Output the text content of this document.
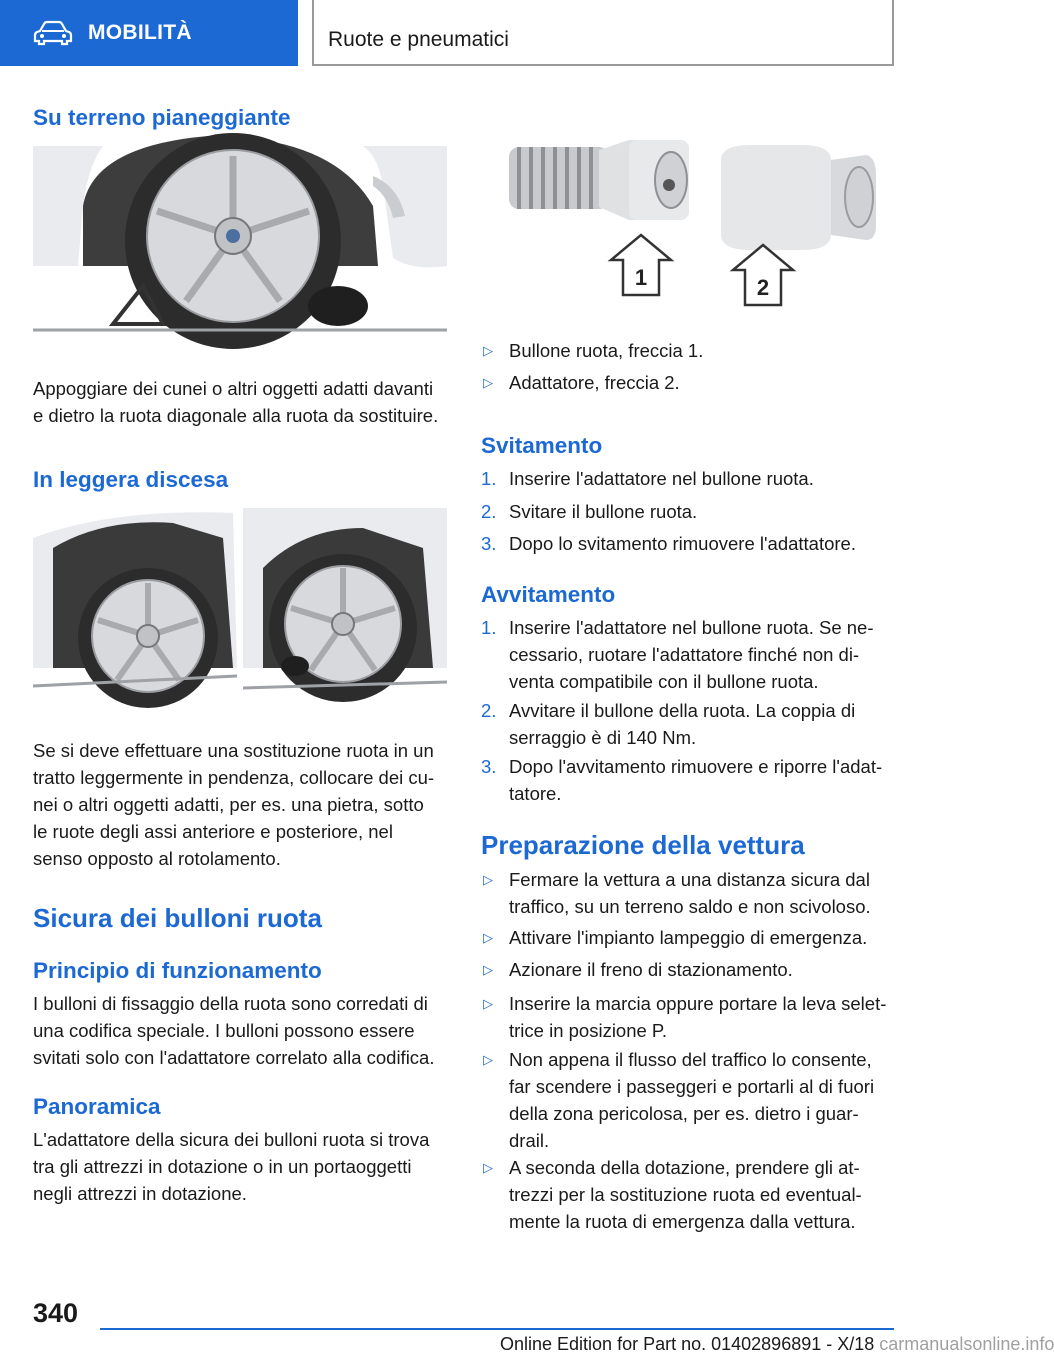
MOBILITÀ	Ruote e pneumatici
Su terreno pianeggiante
Appoggiare dei cunei o altri oggetti adatti davanti
e dietro la ruota diagonale alla ruota da sostituire.
In leggera discesa
Se si deve effettuare una sostituzione ruota in un
tratto leggermente in pendenza, collocare dei cu‐
nei o altri oggetti adatti, per es. una pietra, sotto
le ruote degli assi anteriore e posteriore, nel
senso opposto al rotolamento.
Sicura dei bulloni ruota
Principio di funzionamento
I bulloni di fissaggio della ruota sono corredati di
una codifica speciale. I bulloni possono essere
svitati solo con l'adattatore correlato alla codifica.
Panoramica
L'adattatore della sicura dei bulloni ruota si trova
tra gli attrezzi in dotazione o in un portaoggetti
negli attrezzi in dotazione.
1	2
▷ Bullone ruota, freccia 1.
▷ Adattatore, freccia 2.
Svitamento
1. Inserire l'adattatore nel bullone ruota.
2. Svitare il bullone ruota.
3. Dopo lo svitamento rimuovere l'adattatore.
Avvitamento
1. Inserire l'adattatore nel bullone ruota. Se ne‐
cessario, ruotare l'adattatore finché non di‐
venta compatibile con il bullone ruota.
2. Avvitare il bullone della ruota. La coppia di
serraggio è di 140 Nm.
3. Dopo l'avvitamento rimuovere e riporre l'adat‐
tatore.
Preparazione della vettura
▷ Fermare la vettura a una distanza sicura dal
traffico, su un terreno saldo e non scivoloso.
▷ Attivare l'impianto lampeggio di emergenza.
▷ Azionare il freno di stazionamento.
▷ Inserire la marcia oppure portare la leva selet‐
trice in posizione P.
▷ Non appena il flusso del traffico lo consente,
far scendere i passeggeri e portarli al di fuori
della zona pericolosa, per es. dietro i guar‐
drail.
▷ A seconda della dotazione, prendere gli at‐
trezzi per la sostituzione ruota ed eventual‐
mente la ruota di emergenza dalla vettura.
340
Online Edition for Part no. 01402896891 - X/18 carmanualsonline.info
